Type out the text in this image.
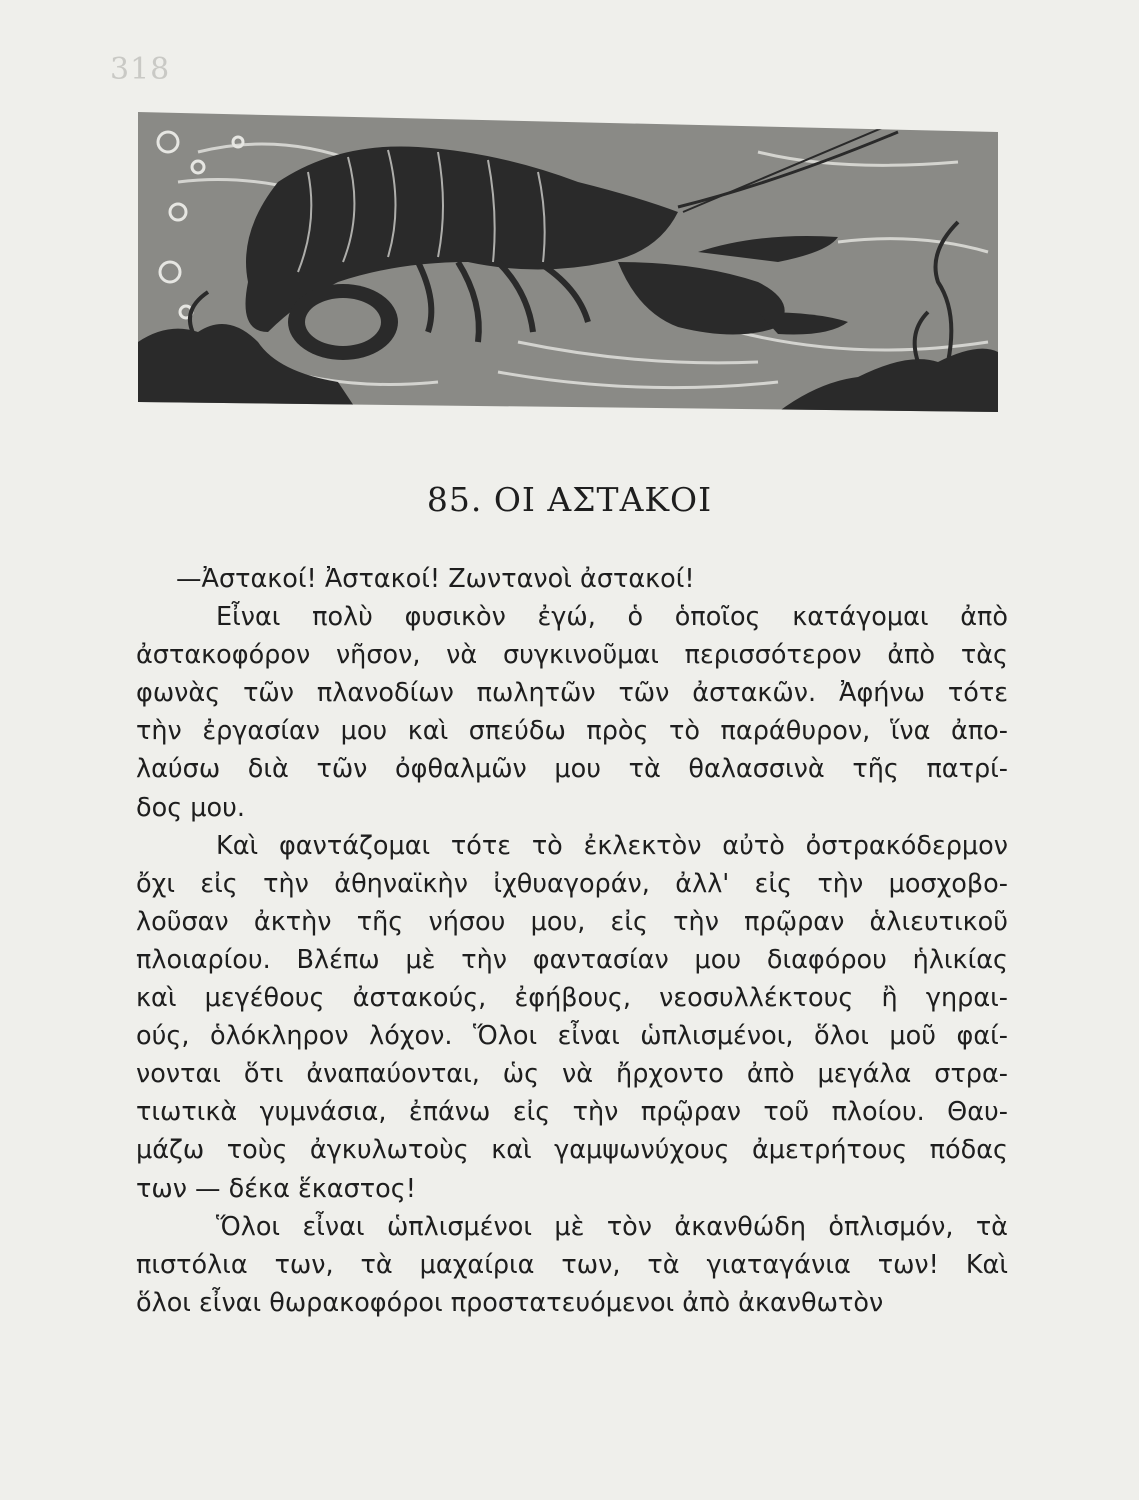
318
85. ΟΙ ΑΣΤΑΚΟΙ
—Ἀστακοί! Ἀστακοί! Ζωντανοὶ ἀστακοί!
Εἶναι πολὺ φυσικὸν ἐγώ, ὁ ὁποῖος κατάγομαι ἀπὸ
ἀστακοφόρον νῆσον, νὰ συγκινοῦμαι περισσότερον ἀπὸ τὰς
φωνὰς τῶν πλανοδίων πωλητῶν τῶν ἀστακῶν. Ἀφήνω τότε
τὴν ἐργασίαν μου καὶ σπεύδω πρὸς τὸ παράθυρον, ἵνα ἀπο-
λαύσω διὰ τῶν ὀφθαλμῶν μου τὰ θαλασσινὰ τῆς πατρί-
δος μου.
Καὶ φαντάζομαι τότε τὸ ἐκλεκτὸν αὐτὸ ὀστρακόδερμον
ὄχι εἰς τὴν ἀθηναϊκὴν ἰχθυαγοράν, ἀλλ' εἰς τὴν μοσχοβο-
λοῦσαν ἀκτὴν τῆς νήσου μου, εἰς τὴν πρῷραν ἁλιευτικοῦ
πλοιαρίου. Βλέπω μὲ τὴν φαντασίαν μου διαφόρου ἡλικίας
καὶ μεγέθους ἀστακούς, ἐφήβους, νεοσυλλέκτους ἢ γηραι-
ούς, ὁλόκληρον λόχον. Ὅλοι εἶναι ὡπλισμένοι, ὅλοι μοῦ φαί-
νονται ὅτι ἀναπαύονται, ὡς νὰ ἤρχοντο ἀπὸ μεγάλα στρα-
τιωτικὰ γυμνάσια, ἐπάνω εἰς τὴν πρῷραν τοῦ πλοίου. Θαυ-
μάζω τοὺς ἀγκυλωτοὺς καὶ γαμψωνύχους ἀμετρήτους πόδας
των — δέκα ἕκαστος!
Ὅλοι εἶναι ὡπλισμένοι μὲ τὸν ἀκανθώδη ὁπλισμόν, τὰ
πιστόλια των, τὰ μαχαίρια των, τὰ γιαταγάνια των! Καὶ
ὅλοι εἶναι θωρακοφόροι προστατευόμενοι ἀπὸ ἀκανθωτὸν
